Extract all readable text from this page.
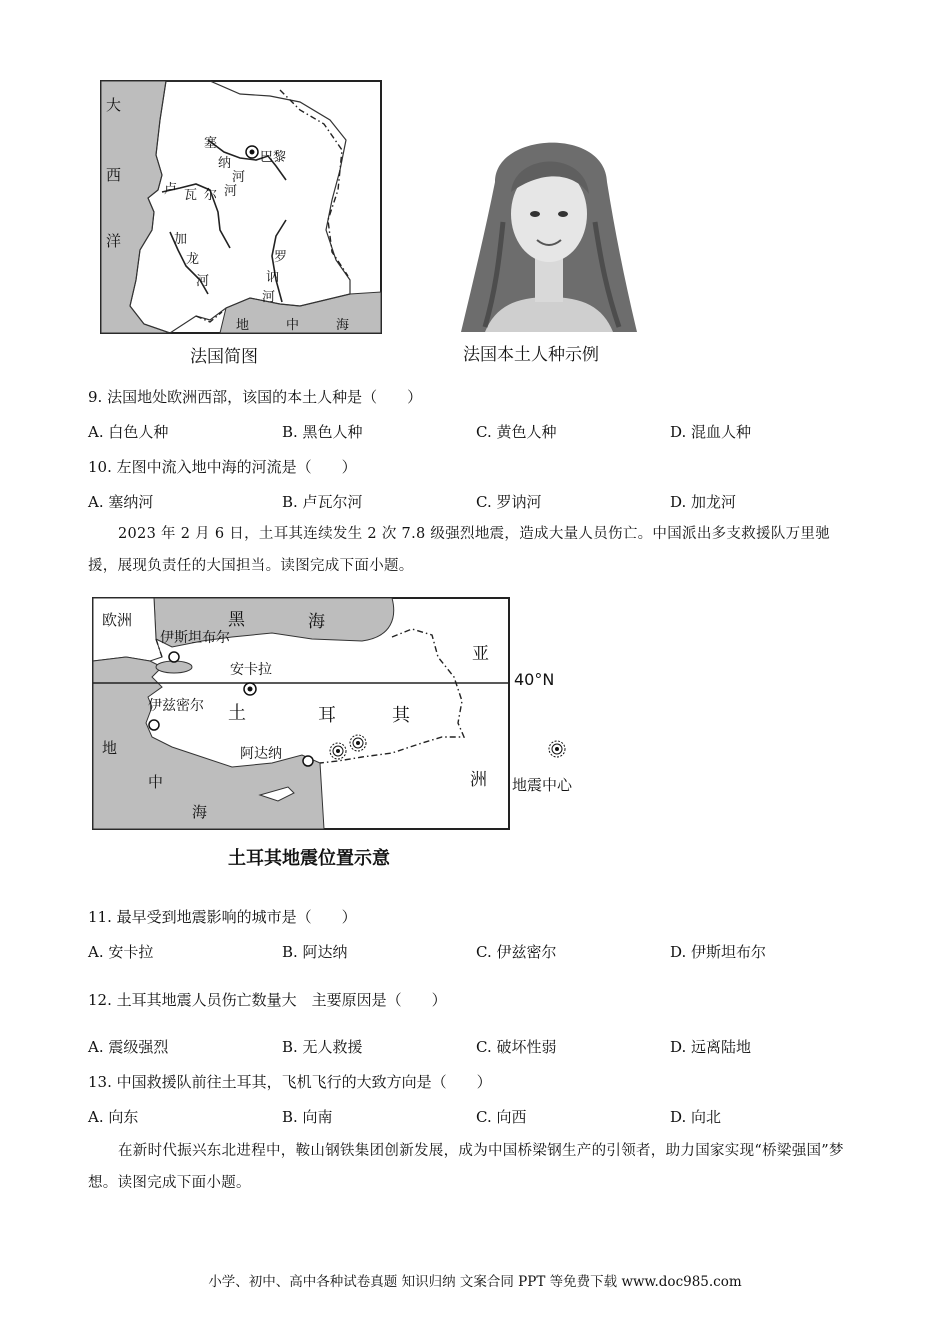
大
西
洋
塞
纳
河
巴黎
卢 瓦 尔 河
加
龙
河
罗
讷
河
地	中	海
法国简图	法国本土人种示例
9. 法国地处欧洲西部，该国的本土人种是（　　）
A. 白色人种	B. 黑色人种	C. 黄色人种	D. 混血人种
10. 左图中流入地中海的河流是（　　）
A. 塞纳河	B. 卢瓦尔河	C. 罗讷河	D. 加龙河
2023 年 2 月 6 日，土耳其连续发生 2 次 7.8 级强烈地震，造成大量人员伤亡。中国派出多支救援队万里驰援，展现负责任的大国担当。读图完成下面小题。
欧洲	黑	海
伊斯坦布尔
亚
安卡拉
伊兹密尔 土	耳	其
阿达纳
地
中
海
洲
40°N
地震中心
土耳其地震位置示意
11. 最早受到地震影响的城市是（　　）
A. 安卡拉	B. 阿达纳	C. 伊兹密尔	D. 伊斯坦布尔
12. 土耳其地震人员伤亡数量大　主要原因是（　　）
A. 震级强烈	B. 无人救援	C. 破坏性弱	D. 远离陆地
13. 中国救援队前往土耳其，飞机飞行的大致方向是（　　）
A. 向东	B. 向南	C. 向西	D. 向北
在新时代振兴东北进程中，鞍山钢铁集团创新发展，成为中国桥梁钢生产的引领者，助力国家实现“桥梁强国”梦想。读图完成下面小题。
小学、初中、高中各种试卷真题 知识归纳 文案合同 PPT 等免费下载 www.doc985.com
